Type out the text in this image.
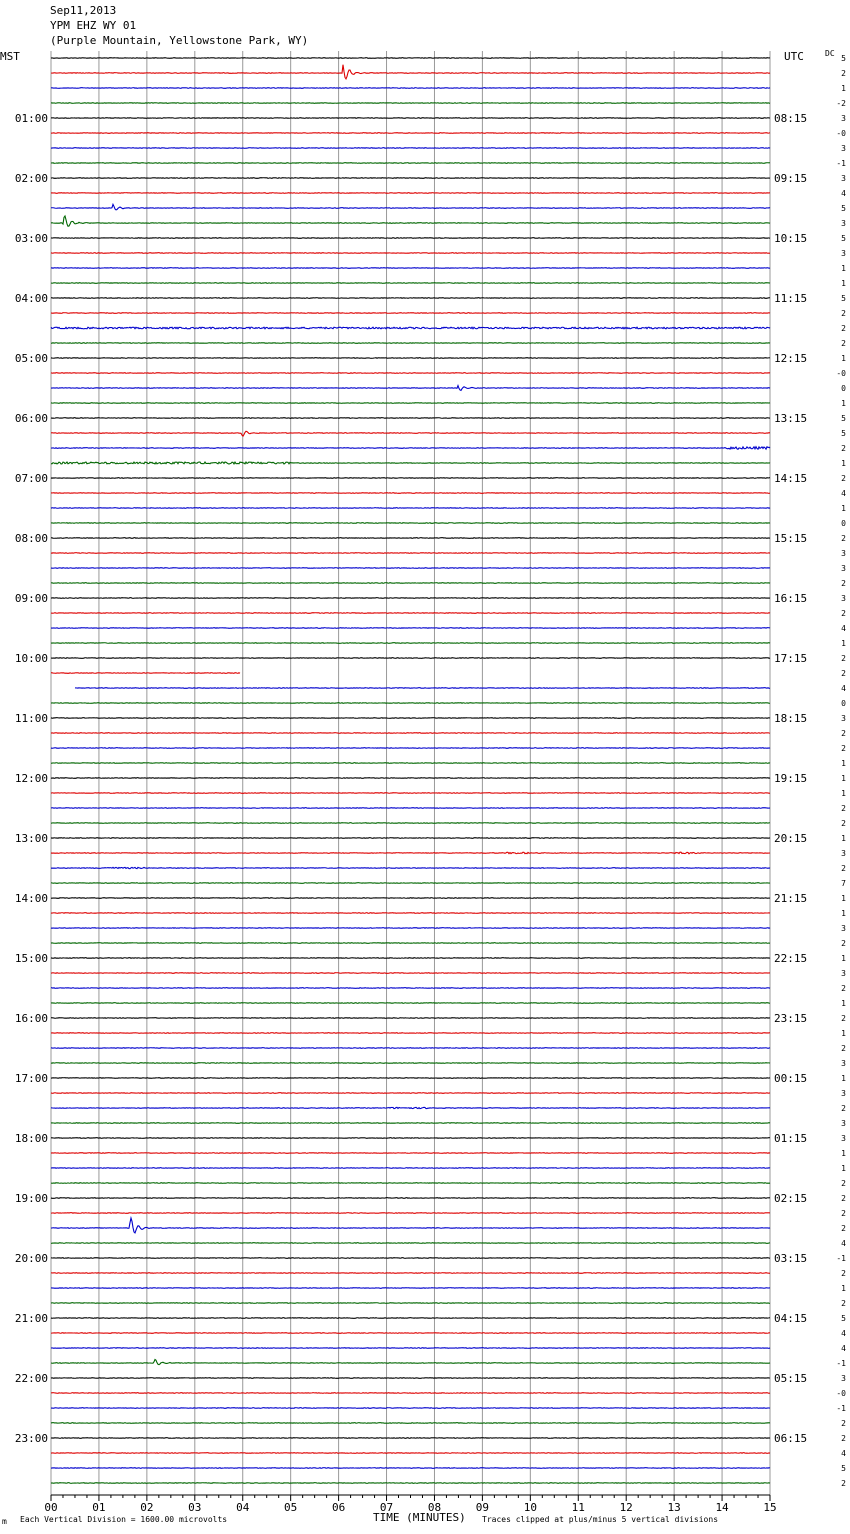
Sep11,2013
YPM EHZ WY 01
(Purple Mountain, Yellowstone Park, WY)
MST	UTC	DC
01:00
02:00
03:00
04:00
05:00
06:00
07:00
08:00
09:00
10:00
11:00
12:00
13:00
14:00
15:00
16:00
17:00
18:00
19:00
20:00
21:00
22:00
23:00
08:15
09:15
10:15
11:15
12:15
13:15
14:15
15:15
16:15
17:15
18:15
19:15
20:15
21:15
22:15
23:15
00:15
01:15
02:15
03:15
04:15
05:15
06:15
5
2
1
-2
3
-0
3
-1
3
4
5
3
5
3
1
1
5
2
2
2
1
-0
0
1
5
5
2
1
2
4
1
0
2
3
3
2
3
2
4
1
2
2
4
0
3
2
2
1
1
1
2
2
1
3
2
7
1
1
3
2
1
3
2
1
2
1
2
3
1
3
2
3
3
1
1
2
2
2
2
4
-1
2
1
2
5
4
4
-1
3
-0
-1
2
2
4
5
2
00	01	02	03	04	05	06	07	08	09	10	11	12	13	14	15
m Each Vertical Division = 1600.00 microvolts	TIME (MINUTES) Traces clipped at plus/minus 5 vertical divisions
